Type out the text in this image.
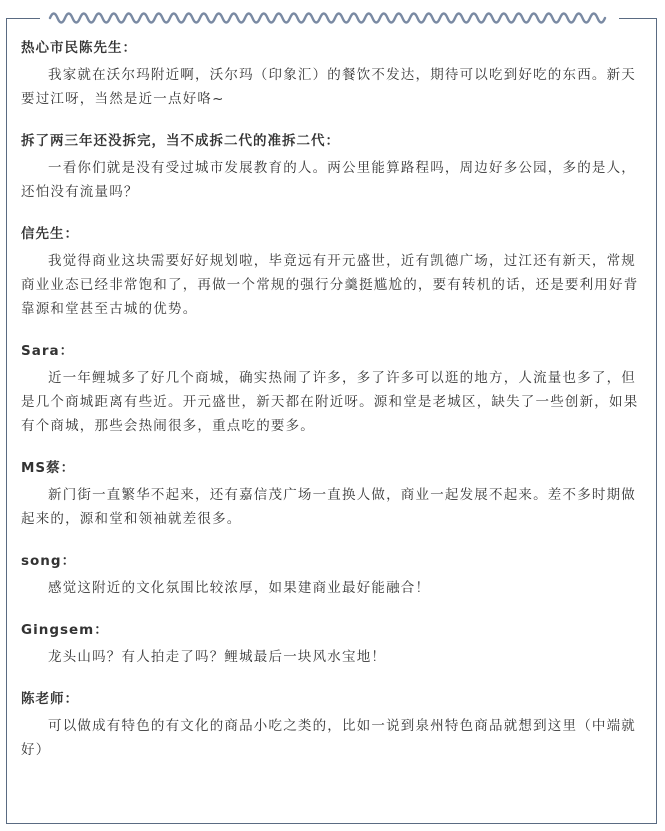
热心市民陈先生：

我家就在沃尔玛附近啊，沃尔玛（印象汇）的餐饮不发达，期待可以吃到好吃的东西。新天要过江呀，当然是近一点好咯~

拆了两三年还没拆完，当不成拆二代的准拆二代：

一看你们就是没有受过城市发展教育的人。两公里能算路程吗，周边好多公园，多的是人，还怕没有流量吗？

信先生：

我觉得商业这块需要好好规划啦，毕竟远有开元盛世，近有凯德广场，过江还有新天，常规商业业态已经非常饱和了，再做一个常规的强行分羹挺尴尬的，要有转机的话，还是要利用好背靠源和堂甚至古城的优势。

Sara：

近一年鲤城多了好几个商城，确实热闹了许多，多了许多可以逛的地方，人流量也多了，但是几个商城距离有些近。开元盛世，新天都在附近呀。源和堂是老城区，缺失了一些创新，如果有个商城，那些会热闹很多，重点吃的要多。

MS蔡：

新门街一直繁华不起来，还有嘉信茂广场一直换人做，商业一起发展不起来。差不多时期做起来的，源和堂和领袖就差很多。

song：

感觉这附近的文化氛围比较浓厚，如果建商业最好能融合！

Gingsem：

龙头山吗？有人拍走了吗？鲤城最后一块风水宝地！

陈老师：

可以做成有特色的有文化的商品小吃之类的，比如一说到泉州特色商品就想到这里（中端就好）
